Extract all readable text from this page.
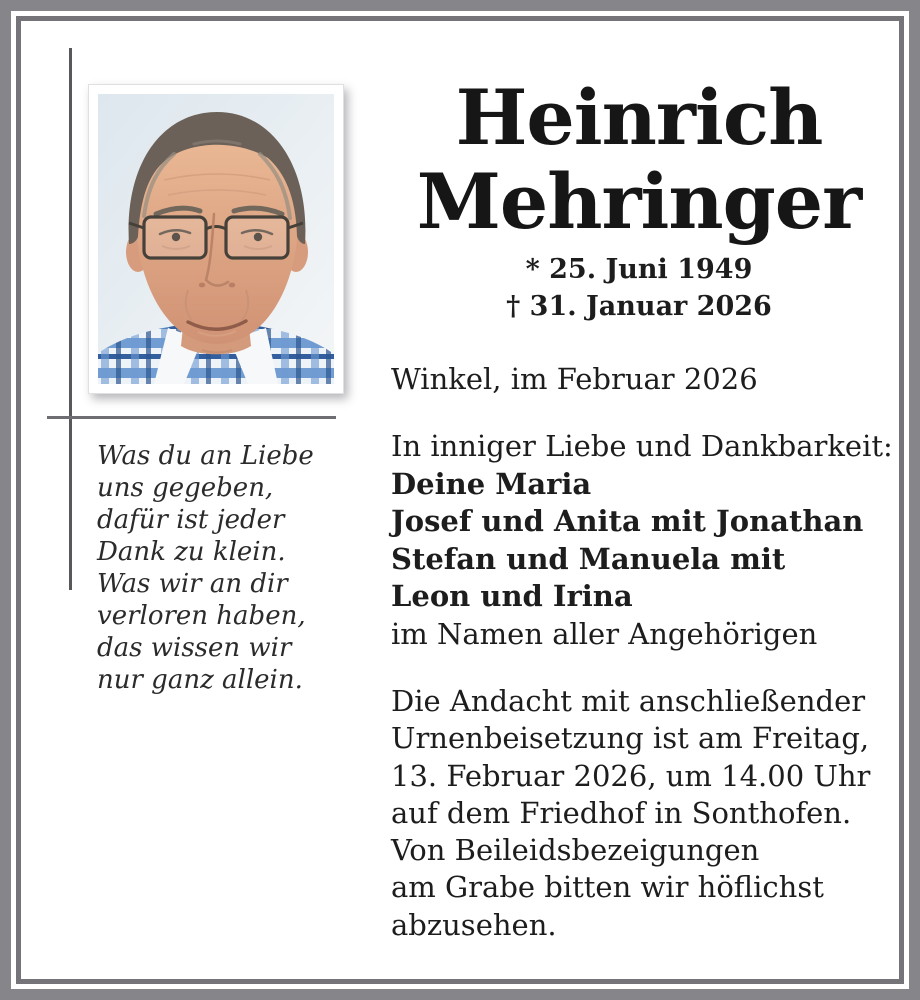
Heinrich
Mehringer
* 25. Juni 1949
† 31. Januar 2026
Winkel, im Februar 2026
Was du an Liebe
uns gegeben,
dafür ist jeder
Dank zu klein.
Was wir an dir
verloren haben,
das wissen wir
nur ganz allein.
In inniger Liebe und Dankbarkeit:
Deine Maria
Josef und Anita mit Jonathan
Stefan und Manuela mit
Leon und Irina
im Namen aller Angehörigen
Die Andacht mit anschließender
Urnenbeisetzung ist am Freitag,
13. Februar 2026, um 14.00 Uhr
auf dem Friedhof in Sonthofen.
Von Beileidsbezeigungen
am Grabe bitten wir höflichst
abzusehen.
